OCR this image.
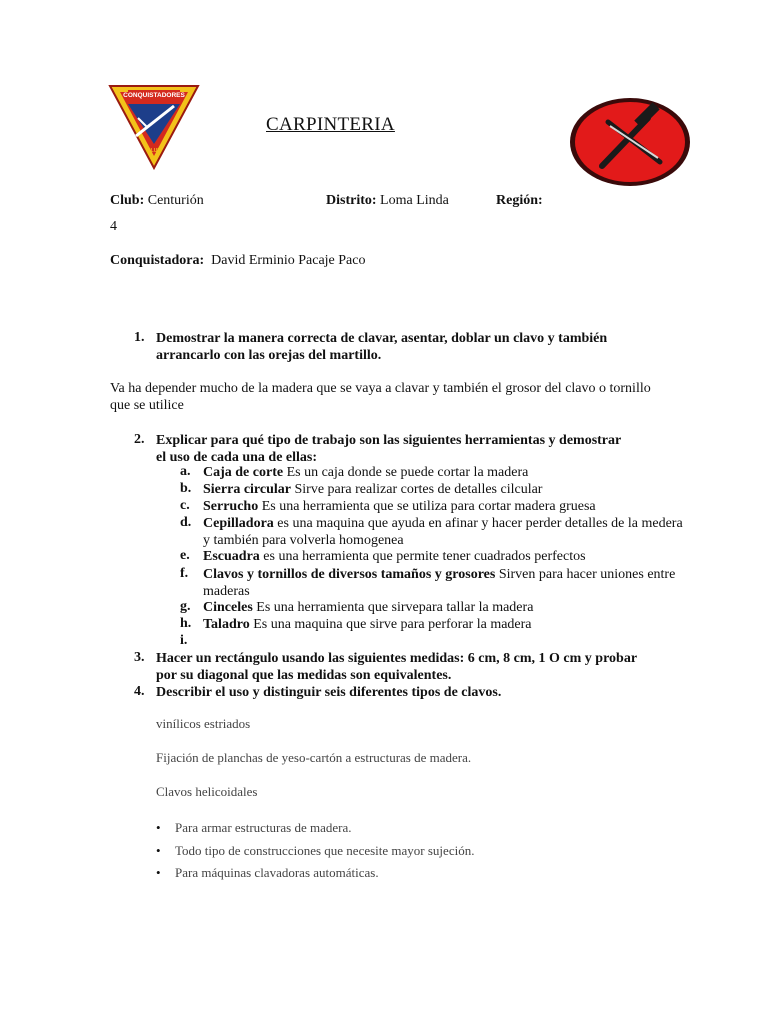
CONQUISTADORES
CLUB
CARPINTERIA
Club: Centurión	Distrito: Loma Linda	Región:
4
Conquistadora: David Erminio Pacaje Paco
1. Demostrar la manera correcta de clavar, asentar, doblar un clavo y también arrancarlo con las orejas del martillo.
Va ha depender mucho de la madera que se vaya a clavar y también el grosor del clavo o tornillo que se utilice
2. Explicar para qué tipo de trabajo son las siguientes herramientas y demostrar el uso de cada una de ellas:
a. Caja de corte Es un caja donde se puede cortar la madera
b. Sierra circular Sirve para realizar cortes de detalles cilcular
c. Serrucho Es una herramienta que se utiliza para cortar madera gruesa
d. Cepilladora es una maquina que ayuda en afinar y hacer perder detalles de la medera y también para volverla homogenea
e. Escuadra es una herramienta que permite tener cuadrados perfectos
f. Clavos y tornillos de diversos tamaños y grosores Sirven para hacer uniones entre maderas
g. Cinceles Es una herramienta que sirvepara tallar la madera
h. Taladro Es una maquina que sirve para perforar la madera
i.
3. Hacer un rectángulo usando las siguientes medidas: 6 cm, 8 cm, 1 O cm y probar por su diagonal que las medidas son equivalentes.
4. Describir el uso y distinguir seis diferentes tipos de clavos.
vinílicos estriados
Fijación de planchas de yeso-cartón a estructuras de madera.
Clavos helicoidales
• Para armar estructuras de madera.
• Todo tipo de construcciones que necesite mayor sujeción.
• Para máquinas clavadoras automáticas.
